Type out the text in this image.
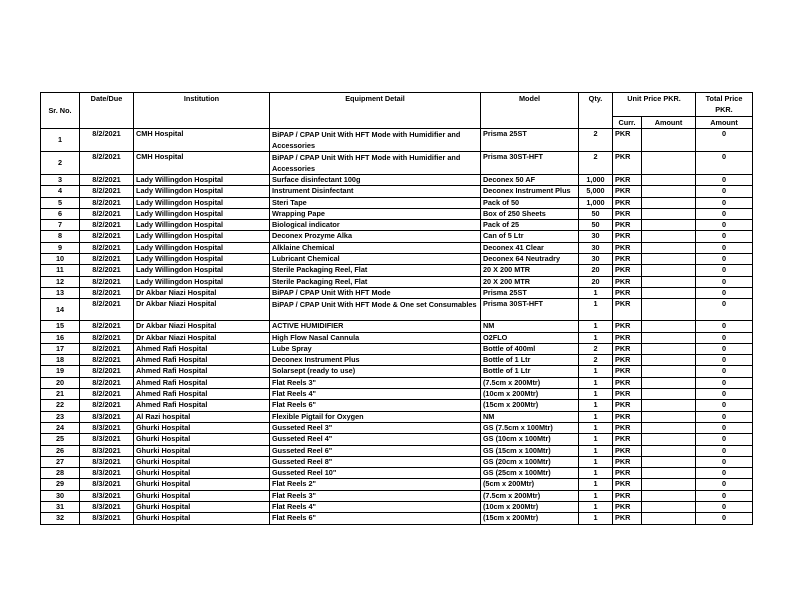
Sr. No.	Date/Due	Institution	Equipment Detail	Model	Qty.	Unit Price PKR.		Total Price PKR.
						Curr.	Amount	Amount
1	8/2/2021	CMH Hospital	BiPAP / CPAP Unit With HFT Mode with Humidifier and Accessories	Prisma 25ST	2	PKR		0
2	8/2/2021	CMH Hospital	BiPAP / CPAP Unit With HFT Mode with Humidifier and Accessories	Prisma 30ST-HFT	2	PKR		0
3	8/2/2021	Lady Willingdon Hospital	Surface disinfectant 100g	Deconex 50 AF	1,000	PKR		0
4	8/2/2021	Lady Willingdon Hospital	Instrument Disinfectant	Deconex Instrument Plus	5,000	PKR		0
5	8/2/2021	Lady Willingdon Hospital	Steri Tape	Pack of 50	1,000	PKR		0
6	8/2/2021	Lady Willingdon Hospital	Wrapping Pape	Box of 250 Sheets	50	PKR		0
7	8/2/2021	Lady Willingdon Hospital	Biological indicator	Pack of 25	50	PKR		0
8	8/2/2021	Lady Willingdon Hospital	Deconex Prozyme Alka	Can of 5 Ltr	30	PKR		0
9	8/2/2021	Lady Willingdon Hospital	Alklaine Chemical	Deconex 41 Clear	30	PKR		0
10	8/2/2021	Lady Willingdon Hospital	Lubricant Chemical	Deconex 64 Neutradry	30	PKR		0
11	8/2/2021	Lady Willingdon Hospital	Sterile Packaging Reel, Flat	20 X 200 MTR	20	PKR		0
12	8/2/2021	Lady Willingdon Hospital	Sterile Packaging Reel, Flat	20 X 200 MTR	20	PKR		0
13	8/2/2021	Dr Akbar Niazi Hospital	BiPAP / CPAP Unit With HFT Mode	Prisma 25ST	1	PKR		0
14	8/2/2021	Dr Akbar Niazi Hospital	BiPAP / CPAP Unit With HFT Mode & One set Consumables	Prisma 30ST-HFT	1	PKR		0
15	8/2/2021	Dr Akbar Niazi Hospital	ACTIVE HUMIDIFIER	NM	1	PKR		0
16	8/2/2021	Dr Akbar Niazi Hospital	High Flow Nasal Cannula	O2FLO	1	PKR		0
17	8/2/2021	Ahmed Rafi Hospital	Lube Spray	Bottle of 400ml	2	PKR		0
18	8/2/2021	Ahmed Rafi Hospital	Deconex Instrument Plus	Bottle of 1 Ltr	2	PKR		0
19	8/2/2021	Ahmed Rafi Hospital	Solarsept (ready to use)	Bottle of 1 Ltr	1	PKR		0
20	8/2/2021	Ahmed Rafi Hospital	Flat Reels 3"	(7.5cm x 200Mtr)	1	PKR		0
21	8/2/2021	Ahmed Rafi Hospital	Flat Reels 4"	(10cm x 200Mtr)	1	PKR		0
22	8/2/2021	Ahmed Rafi Hospital	Flat Reels 6"	(15cm x 200Mtr)	1	PKR		0
23	8/3/2021	Al Razi hospital	Flexible Pigtail for Oxygen	NM	1	PKR		0
24	8/3/2021	Ghurki Hospital	Gusseted Reel 3"	GS (7.5cm x 100Mtr)	1	PKR		0
25	8/3/2021	Ghurki Hospital	Gusseted Reel 4"	GS (10cm x 100Mtr)	1	PKR		0
26	8/3/2021	Ghurki Hospital	Gusseted Reel 6"	GS (15cm x 100Mtr)	1	PKR		0
27	8/3/2021	Ghurki Hospital	Gusseted Reel 8"	GS (20cm x 100Mtr)	1	PKR		0
28	8/3/2021	Ghurki Hospital	Gusseted Reel 10"	GS (25cm x 100Mtr)	1	PKR		0
29	8/3/2021	Ghurki Hospital	Flat Reels 2"	(5cm x 200Mtr)	1	PKR		0
30	8/3/2021	Ghurki Hospital	Flat Reels 3"	(7.5cm x 200Mtr)	1	PKR		0
31	8/3/2021	Ghurki Hospital	Flat Reels 4"	(10cm x 200Mtr)	1	PKR		0
32	8/3/2021	Ghurki Hospital	Flat Reels 6"	(15cm x 200Mtr)	1	PKR		0
